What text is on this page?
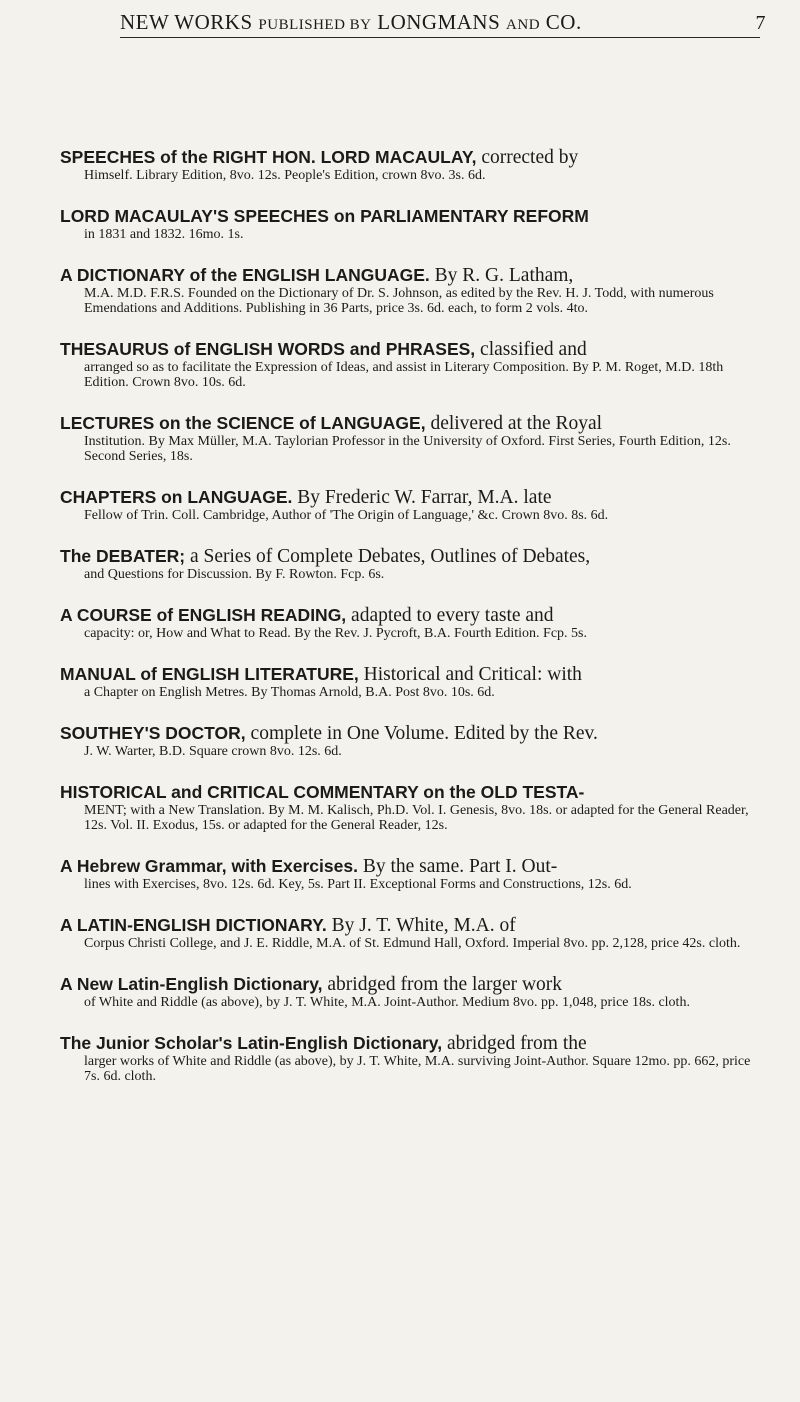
NEW WORKS PUBLISHED BY LONGMANS AND CO.	7
SPEECHES of the RIGHT HON. LORD MACAULAY, corrected by
Himself. Library Edition, 8vo. 12s. People's Edition, crown 8vo. 3s. 6d.
LORD MACAULAY'S SPEECHES on PARLIAMENTARY REFORM
in 1831 and 1832. 16mo. 1s.
A DICTIONARY of the ENGLISH LANGUAGE. By R. G. Latham,
M.A. M.D. F.R.S. Founded on the Dictionary of Dr. S. Johnson, as edited by the Rev. H. J. Todd, with numerous Emendations and Additions. Publishing in 36 Parts, price 3s. 6d. each, to form 2 vols. 4to.
THESAURUS of ENGLISH WORDS and PHRASES, classified and
arranged so as to facilitate the Expression of Ideas, and assist in Literary Composition. By P. M. Roget, M.D. 18th Edition. Crown 8vo. 10s. 6d.
LECTURES on the SCIENCE of LANGUAGE, delivered at the Royal
Institution. By Max Müller, M.A. Taylorian Professor in the University of Oxford. First Series, Fourth Edition, 12s. Second Series, 18s.
CHAPTERS on LANGUAGE. By Frederic W. Farrar, M.A. late
Fellow of Trin. Coll. Cambridge, Author of 'The Origin of Language,' &c. Crown 8vo. 8s. 6d.
The DEBATER; a Series of Complete Debates, Outlines of Debates,
and Questions for Discussion. By F. Rowton. Fcp. 6s.
A COURSE of ENGLISH READING, adapted to every taste and
capacity: or, How and What to Read. By the Rev. J. Pycroft, B.A. Fourth Edition. Fcp. 5s.
MANUAL of ENGLISH LITERATURE, Historical and Critical: with
a Chapter on English Metres. By Thomas Arnold, B.A. Post 8vo. 10s. 6d.
SOUTHEY'S DOCTOR, complete in One Volume. Edited by the Rev.
J. W. Warter, B.D. Square crown 8vo. 12s. 6d.
HISTORICAL and CRITICAL COMMENTARY on the OLD TESTA-
MENT; with a New Translation. By M. M. Kalisch, Ph.D. Vol. I. Genesis, 8vo. 18s. or adapted for the General Reader, 12s. Vol. II. Exodus, 15s. or adapted for the General Reader, 12s.
A Hebrew Grammar, with Exercises. By the same. Part I. Out-
lines with Exercises, 8vo. 12s. 6d. Key, 5s. Part II. Exceptional Forms and Constructions, 12s. 6d.
A LATIN-ENGLISH DICTIONARY. By J. T. White, M.A. of
Corpus Christi College, and J. E. Riddle, M.A. of St. Edmund Hall, Oxford. Imperial 8vo. pp. 2,128, price 42s. cloth.
A New Latin-English Dictionary, abridged from the larger work
of White and Riddle (as above), by J. T. White, M.A. Joint-Author. Medium 8vo. pp. 1,048, price 18s. cloth.
The Junior Scholar's Latin-English Dictionary, abridged from the
larger works of White and Riddle (as above), by J. T. White, M.A. surviving Joint-Author. Square 12mo. pp. 662, price 7s. 6d. cloth.
